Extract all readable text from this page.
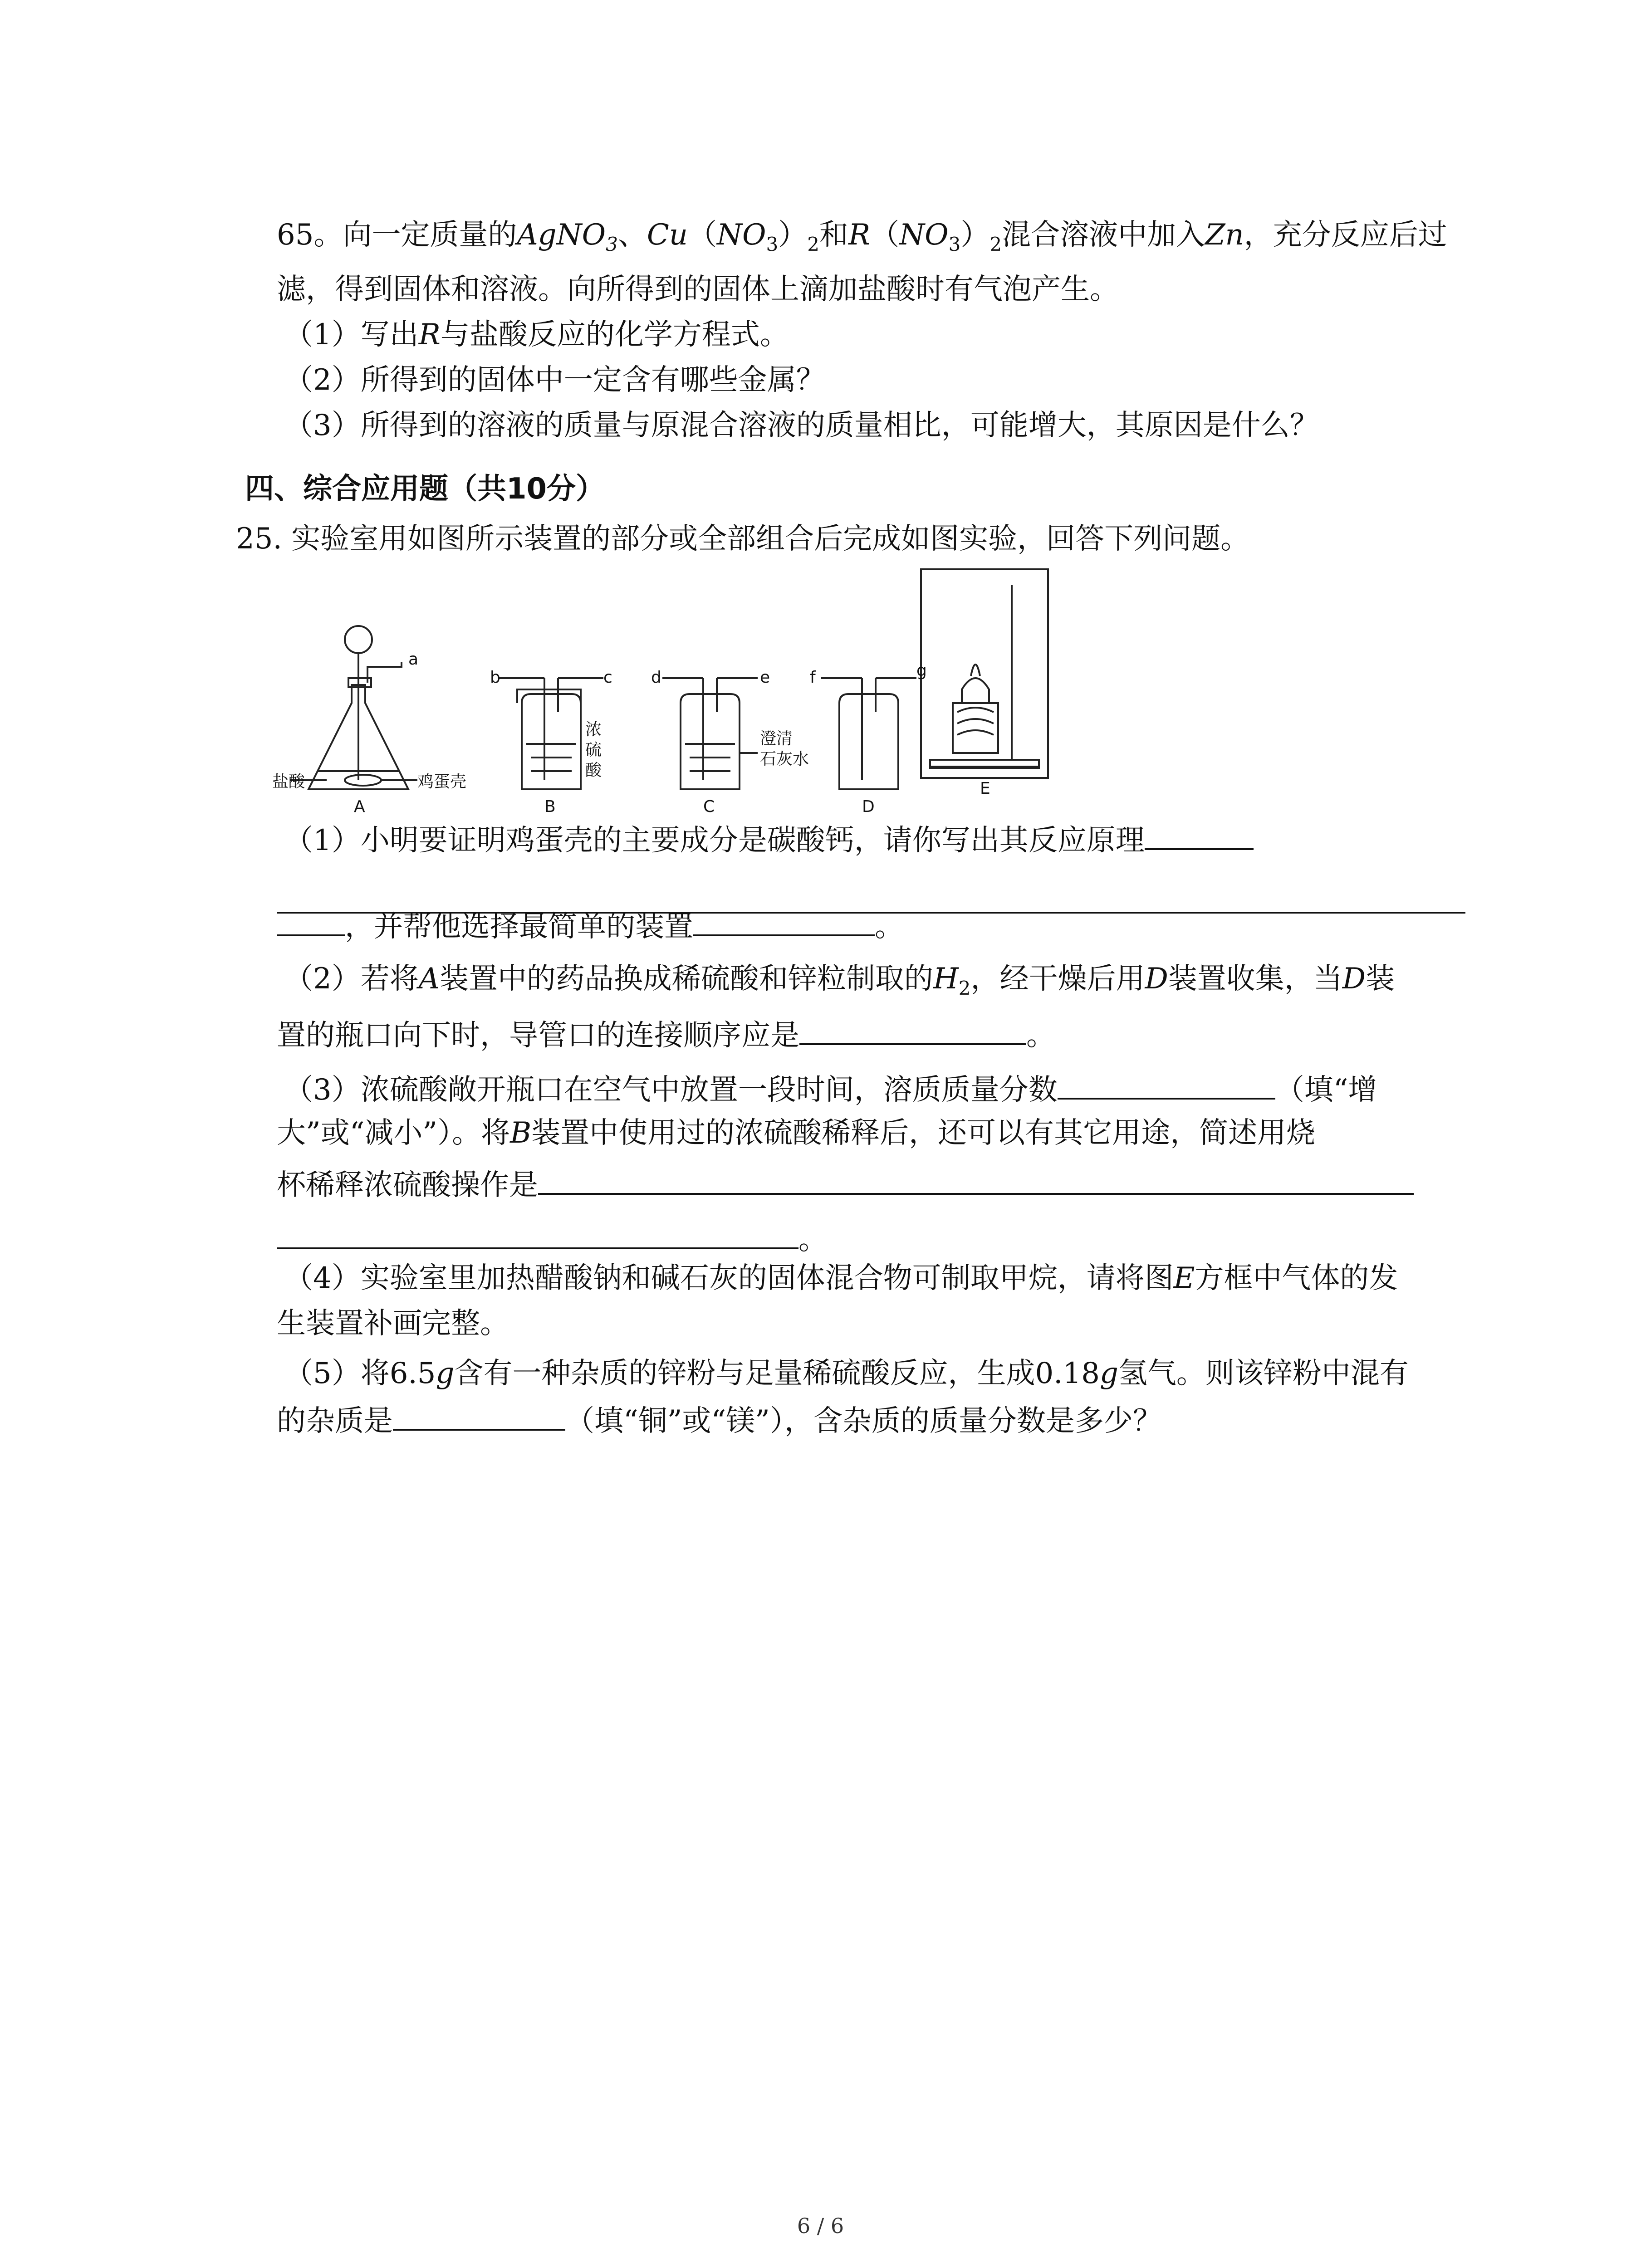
65。向一定质量的AgNO$_3$、$Cu(NO_3)_2$和$R(NO_3)_2$混合溶液中加入Zn，充分反应后过
滤，得到固体和溶液。向所得到的固体上滴加盐酸时有气泡产生。
（1）写出R与盐酸反应的化学方程式。
（2）所得到的固体中一定含有哪些金属？
（3）所得到的溶液的质量与原混合溶液的质量相比，可能增大，其原因是什么？
四、综合应用题（共10分）
25. 实验室用如图所示装置的部分或全部组合后完成如图实验，回答下列问题。
a
b	c d	e f	g
盐酸	鸡蛋壳
浓
硫
酸
澄清
石灰水
A	B	C	D
E
（1）小明要证明鸡蛋壳的主要成分是碳酸钙，请你写出其反应原理
，并帮他选择最简单的装置	。
（2）若将A装置中的药品换成稀硫酸和锌粒制取的$H_2$，经干燥后用D装置收集，当D装
置的瓶口向下时，导管口的连接顺序应是	。
（3）浓硫酸敞开瓶口在空气中放置一段时间，溶质质量分数	（填“增
大”或“减小”）。将B装置中使用过的浓硫酸稀释后，还可以有其它用途，简述用烧
杯稀释浓硫酸操作是
。
（4）实验室里加热醋酸钠和碱石灰的固体混合物可制取甲烷，请将图E方框中气体的发
生装置补画完整。
（5）将6.5g含有一种杂质的锌粉与足量稀硫酸反应，生成0.18g氢气。则该锌粉中混有
的杂质是	（填“铜”或“镁”），含杂质的质量分数是多少？
6 / 6
